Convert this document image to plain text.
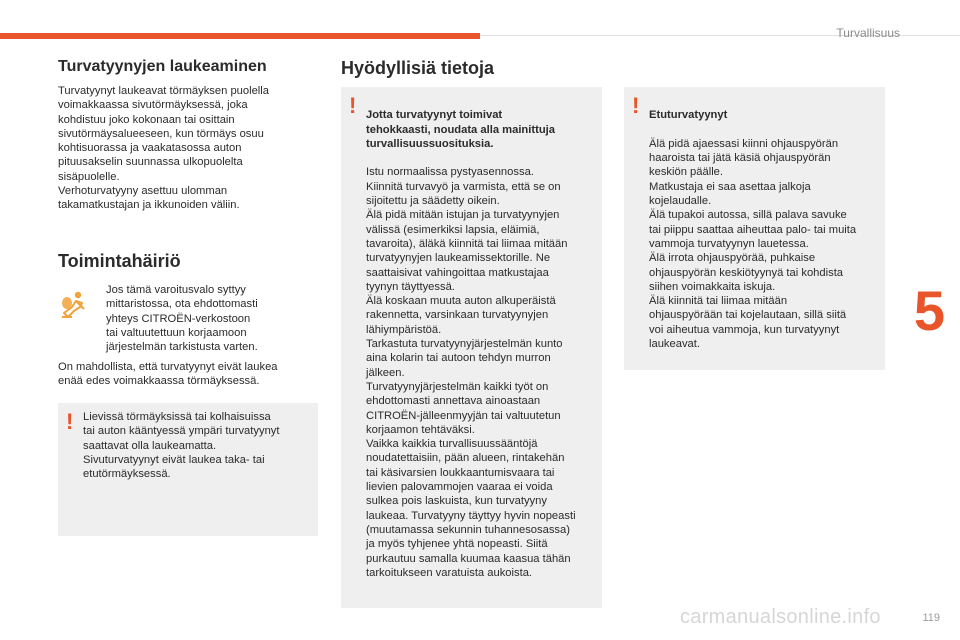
Turvallisuus
5
119
carmanualsonline.info
Turvatyynyjen laukeaminen

Turvatyynyt laukeavat törmäyksen puolella
voimakkaassa sivutörmäyksessä, joka
kohdistuu joko kokonaan tai osittain
sivutörmäysalueeseen, kun törmäys osuu
kohtisuorassa ja vaakatasossa auton
pituusakselin suunnassa ulkopuolelta
sisäpuolelle.
Verhoturvatyyny asettuu ulomman
takamatkustajan ja ikkunoiden väliin.

Toimintahäiriö

Jos tämä varoitusvalo syttyy
mittaristossa, ota ehdottomasti
yhteys CITROËN-verkostoon
tai valtuutettuun korjaamoon
järjestelmän tarkistusta varten.

On mahdollista, että turvatyynyt eivät laukea
enää edes voimakkaassa törmäyksessä.

! Lievissä törmäyksissä tai kolhaisuissa
tai auton kääntyessä ympäri turvatyynyt
saattavat olla laukeamatta.
Sivuturvatyynyt eivät laukea taka- tai
etutörmäyksessä.

Hyödyllisiä tietoja
! Jotta turvatyynyt toimivat
tehokkaasti, noudata alla mainittuja
turvallisuussuosituksia.

Istu normaalissa pystyasennossa.
Kiinnitä turvavyö ja varmista, että se on
sijoitettu ja säädetty oikein.
Älä pidä mitään istujan ja turvatyynyjen
välissä (esimerkiksi lapsia, eläimiä,
tavaroita), äläkä kiinnitä tai liimaa mitään
turvatyynyjen laukeamissektorille. Ne
saattaisivat vahingoittaa matkustajaa
tyynyn täyttyessä.
Älä koskaan muuta auton alkuperäistä
rakennetta, varsinkaan turvatyynyjen
lähiympäristöä.
Tarkastuta turvatyynyjärjestelmän kunto
aina kolarin tai autoon tehdyn murron
jälkeen.
Turvatyynyjärjestelmän kaikki työt on
ehdottomasti annettava ainoastaan
CITROËN-jälleenmyyjän tai valtuutetun
korjaamon tehtäväksi.
Vaikka kaikkia turvallisuussääntöjä
noudatettaisiin, pään alueen, rintakehän
tai käsivarsien loukkaantumisvaara tai
lievien palovammojen vaaraa ei voida
sulkea pois laskuista, kun turvatyyny
laukeaa. Turvatyyny täyttyy hyvin nopeasti
(muutamassa sekunnin tuhannesosassa)
ja myös tyhjenee yhtä nopeasti. Siitä
purkautuu samalla kuumaa kaasua tähän
tarkoitukseen varatuista aukoista.

! Etuturvatyynyt

Älä pidä ajaessasi kiinni ohjauspyörän
haaroista tai jätä käsiä ohjauspyörän
keskiön päälle.
Matkustaja ei saa asettaa jalkoja
kojelaudalle.
Älä tupakoi autossa, sillä palava savuke
tai piippu saattaa aiheuttaa palo- tai muita
vammoja turvatyynyn lauetessa.
Älä irrota ohjauspyörää, puhkaise
ohjauspyörän keskiötyynyä tai kohdista
siihen voimakkaita iskuja.
Älä kiinnitä tai liimaa mitään
ohjauspyörään tai kojelautaan, sillä siitä
voi aiheutua vammoja, kun turvatyynyt
laukeavat.
